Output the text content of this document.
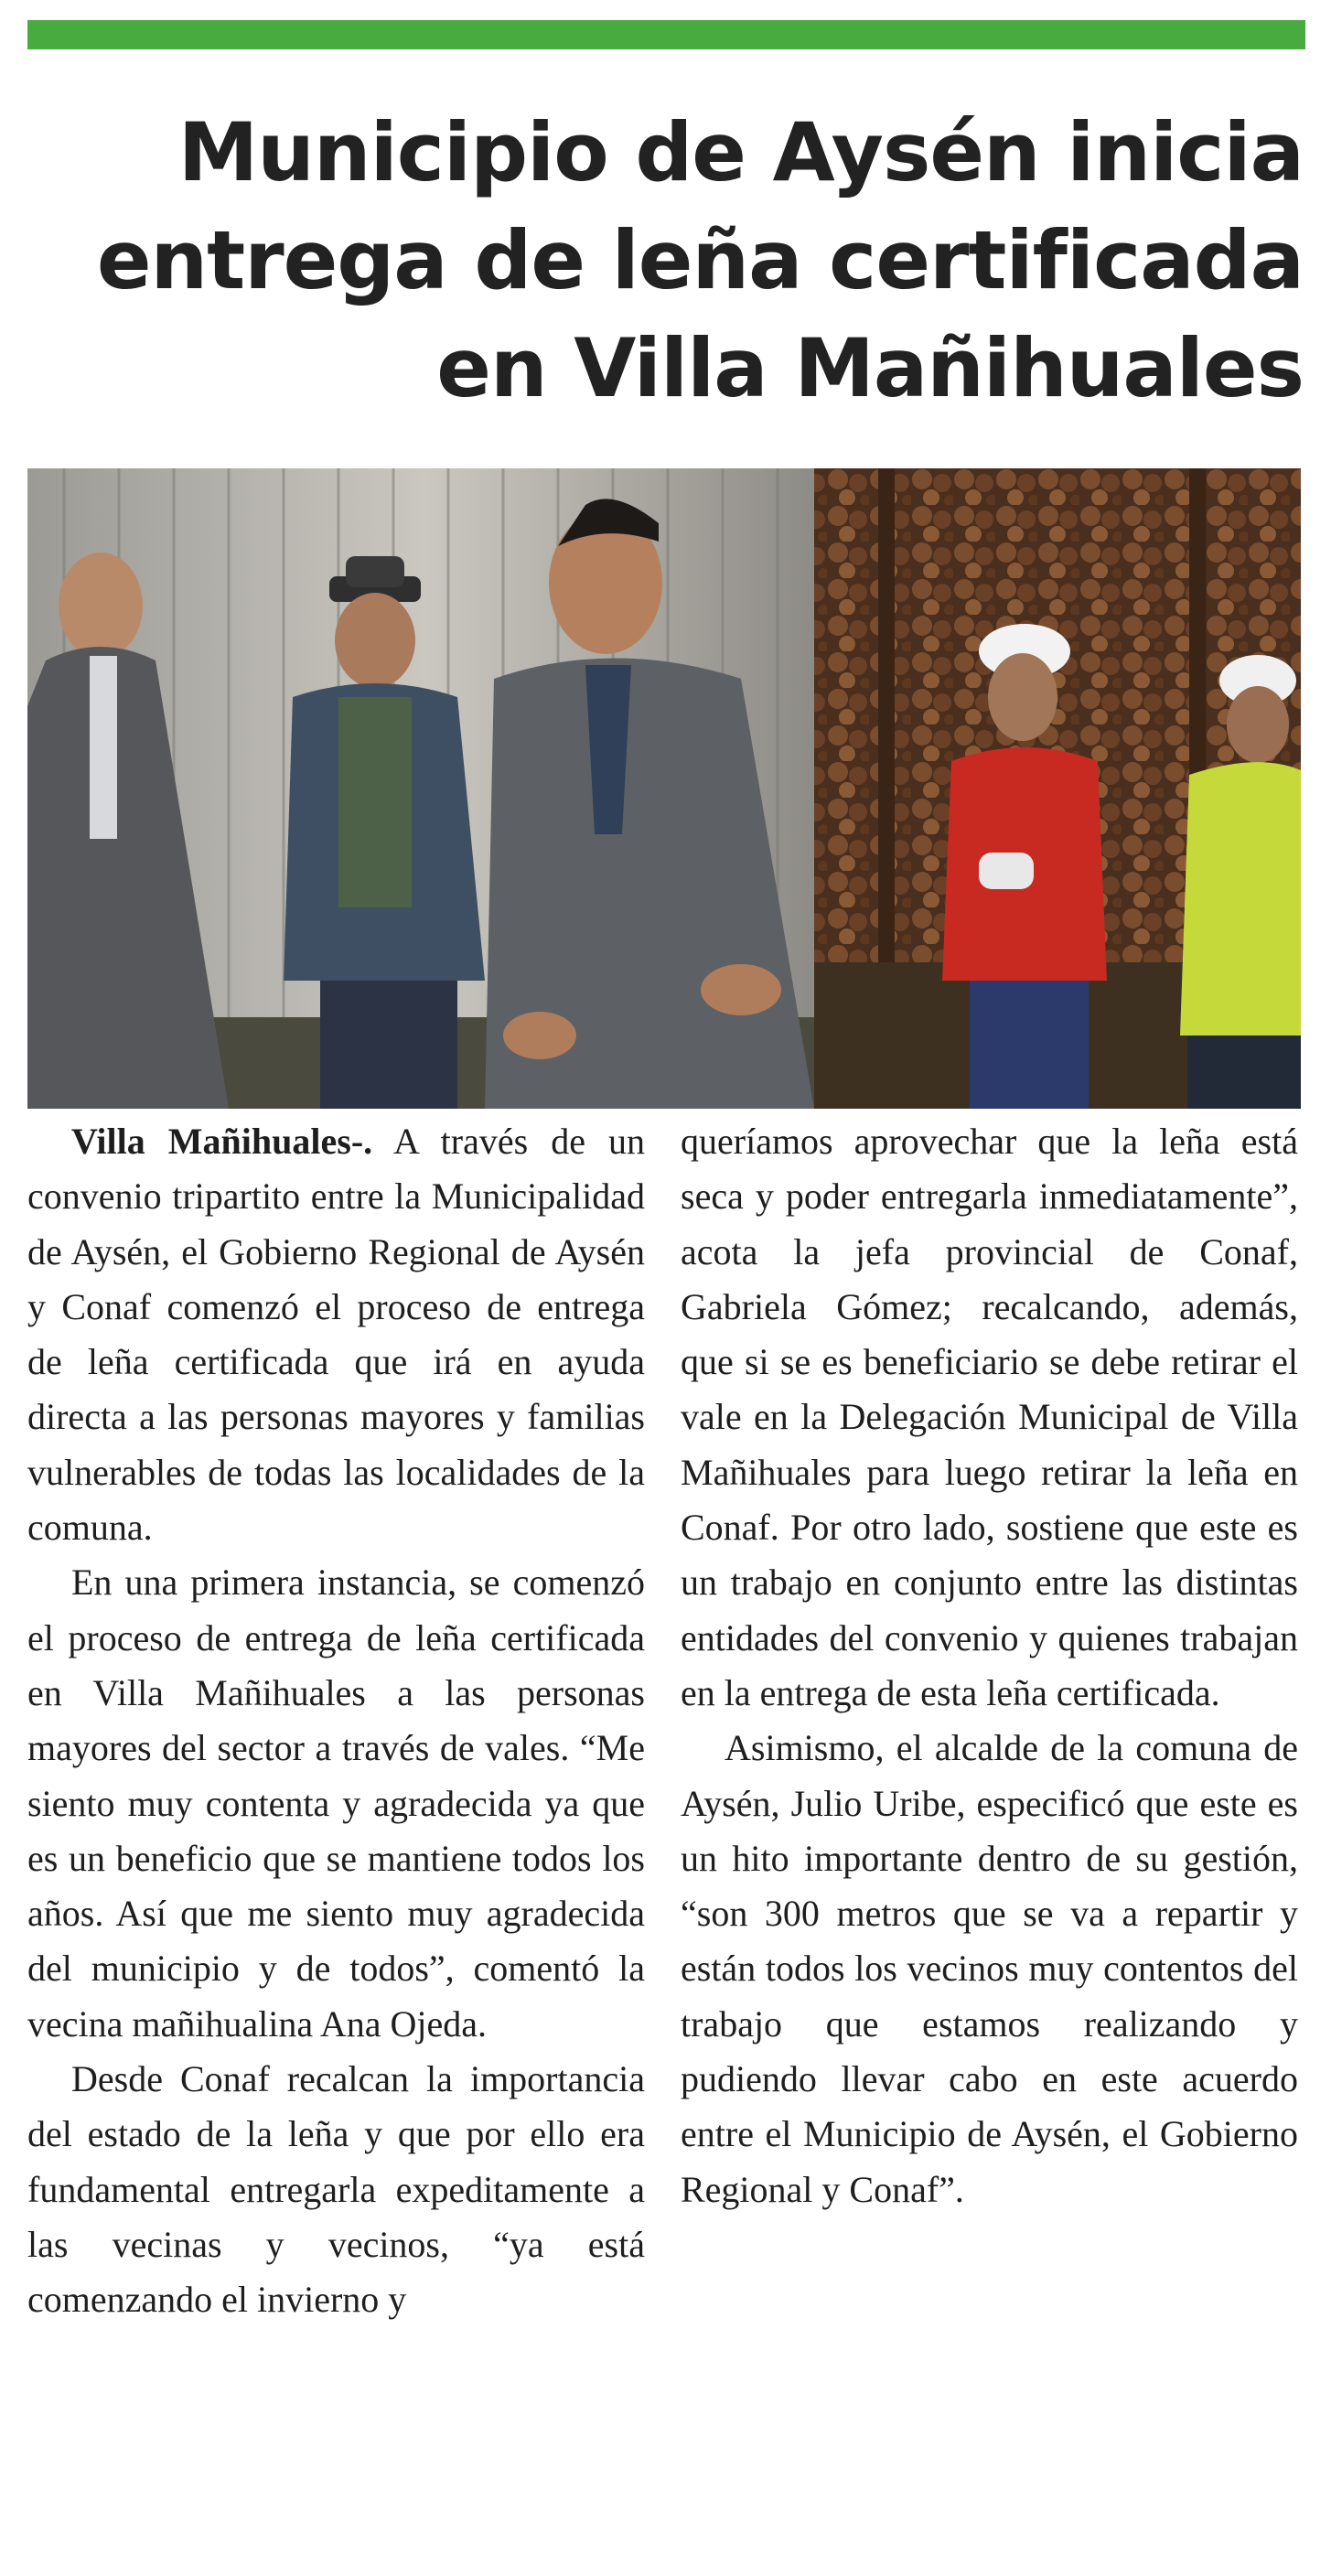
Municipio de Aysén inicia
entrega de leña certificada
en Villa Mañihuales

Villa Mañihuales-. A través de un convenio tripartito entre la Municipalidad de Aysén, el Gobierno Regional de Aysén y Conaf comenzó el proceso de entrega de leña certificada que irá en ayuda directa a las personas mayores y familias vulnerables de todas las localidades de la comuna.

En una primera instancia, se comenzó el proceso de entrega de leña certificada en Villa Mañihuales a las personas mayores del sector a través de vales. “Me siento muy contenta y agradecida ya que es un beneficio que se mantiene todos los años. Así que me siento muy agradecida del municipio y de todos”, comentó la vecina mañihualina Ana Ojeda.

Desde Conaf recalcan la importancia del estado de la leña y que por ello era fundamental entregarla expeditamente a las vecinas y vecinos, “ya está comenzando el invierno y

queríamos aprovechar que la leña está seca y poder entregarla inmediatamente”, acota la jefa provincial de Conaf, Gabriela Gómez; recalcando, además, que si se es beneficiario se debe retirar el vale en la Delegación Municipal de Villa Mañihuales para luego retirar la leña en Conaf. Por otro lado, sostiene que este es un trabajo en conjunto entre las distintas entidades del convenio y quienes trabajan en la entrega de esta leña certificada.

Asimismo, el alcalde de la comuna de Aysén, Julio Uribe, especificó que este es un hito importante dentro de su gestión, “son 300 metros que se va a repartir y están todos los vecinos muy contentos del trabajo que estamos realizando y pudiendo llevar cabo en este acuerdo entre el Municipio de Aysén, el Gobierno Regional y Conaf”.
